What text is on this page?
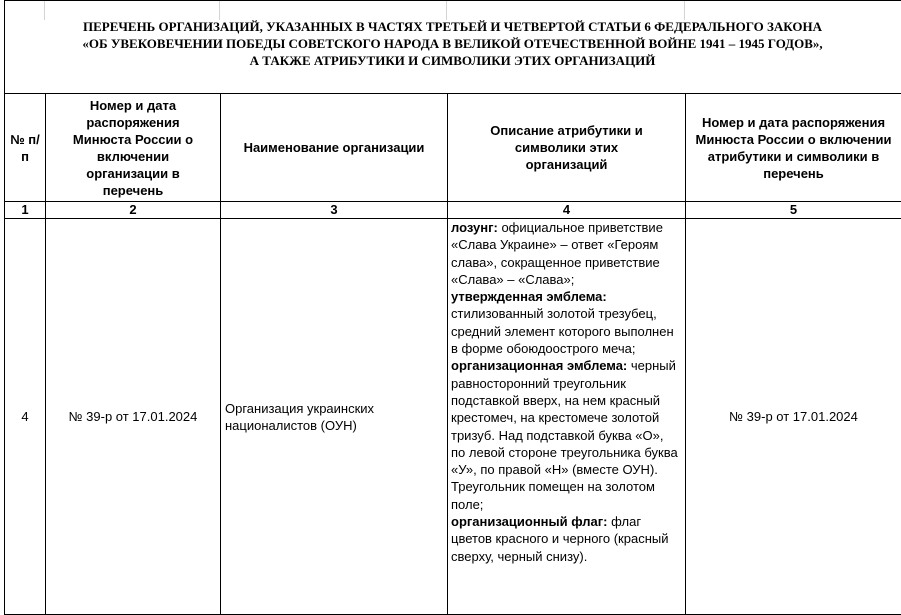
ПЕРЕЧЕНЬ ОРГАНИЗАЦИЙ, УКАЗАННЫХ В ЧАСТЯХ ТРЕТЬЕЙ И ЧЕТВЕРТОЙ СТАТЬИ 6 ФЕДЕРАЛЬНОГО ЗАКОНА
«ОБ УВЕКОВЕЧЕНИИ ПОБЕДЫ СОВЕТСКОГО НАРОДА В ВЕЛИКОЙ ОТЕЧЕСТВЕННОЙ ВОЙНЕ 1941 – 1945 ГОДОВ»,
А ТАКЖЕ АТРИБУТИКИ И СИМВОЛИКИ ЭТИХ ОРГАНИЗАЦИЙ
№ п/п	Номер и дата распоряжения Минюста России о включении организации в перечень	Наименование организации	Описание атрибутики и символики этих организаций	Номер и дата распоряжения Минюста России о включении атрибутики и символики в перечень
1	2	3	4	5
4	№ 39-р от 17.01.2024	Организация украинских националистов (ОУН)	лозунг: официальное приветствие «Слава Украине» – ответ «Героям слава», сокращенное приветствие «Слава» – «Слава»;
утвержденная эмблема: стилизованный золотой трезубец, средний элемент которого выполнен в форме обоюдоострого меча;
организационная эмблема: черный равносторонний треугольник подставкой вверх, на нем красный крестомеч, на крестомече золотой тризуб. Над подставкой буква «О», по левой стороне треугольника буква «У», по правой «Н» (вместе ОУН). Треугольник помещен на золотом поле;
организационный флаг: флаг цветов красного и черного (красный сверху, черный снизу).	№ 39-р от 17.01.2024
